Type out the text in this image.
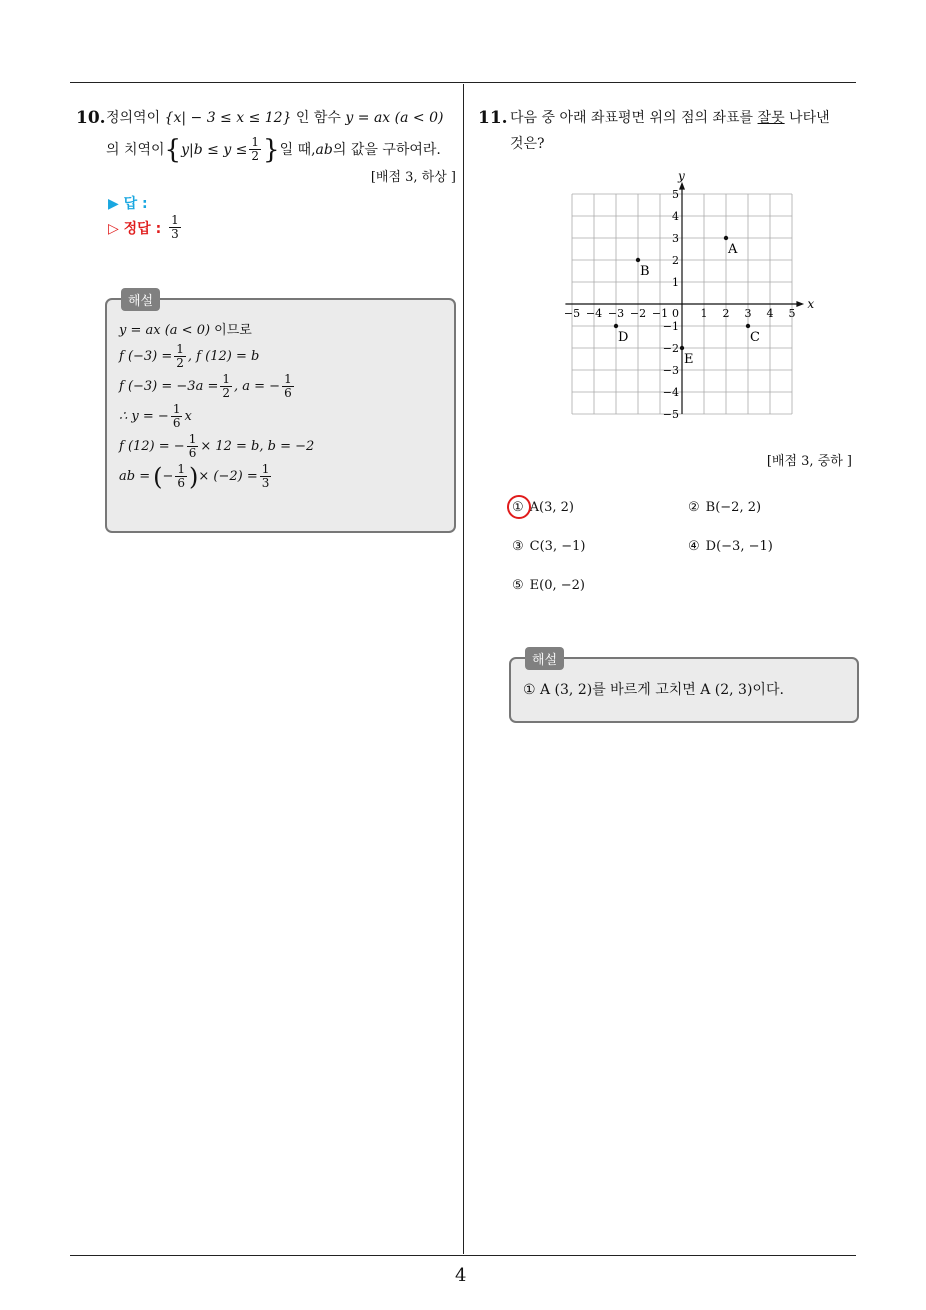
10. 정의역이 {x| − 3 ≤ x ≤ 12} 인 함수 y = ax (a < 0)
의 치역이 { $y|b \le y \le \frac{1}{2}$ } 일 때, ab 의 값을 구하여라.
[배점 3, 하상 ]
▶ 답 :
▷ 정답 : $\frac{1}{3}$
해설
y = ax (a < 0) 이므로
f $(-3) = \frac{1}{2}$ , f (12) = b
f $(-3) = -3a = \frac{1}{2}$ , a = − $\frac{1}{6}$
∴ y = − $\frac{1}{6}$ x
f (12) = − $\frac{1}{6} \times 12 = b$, b = −2
ab = ( − $\frac{1}{6}$ ) × $(-2) = \frac{1}{3}$
11. 다음 중 아래 좌표평면 위의 점의 좌표를 잘못 나타낸
것은?
x
y
−5 −4 −3 −2 −1	1 2 3 4 5
5
4
3
2
1
−1
−2
−3
−4
−5
0
A
B
C
D
E
[배점 3, 중하 ]
① A(3, 2)	② B(−2, 2)
③ C(3, −1)	④ D(−3, −1)
⑤ E(0, −2)
해설
① A (3, 2)를 바르게 고치면 A (2, 3)이다.
4
